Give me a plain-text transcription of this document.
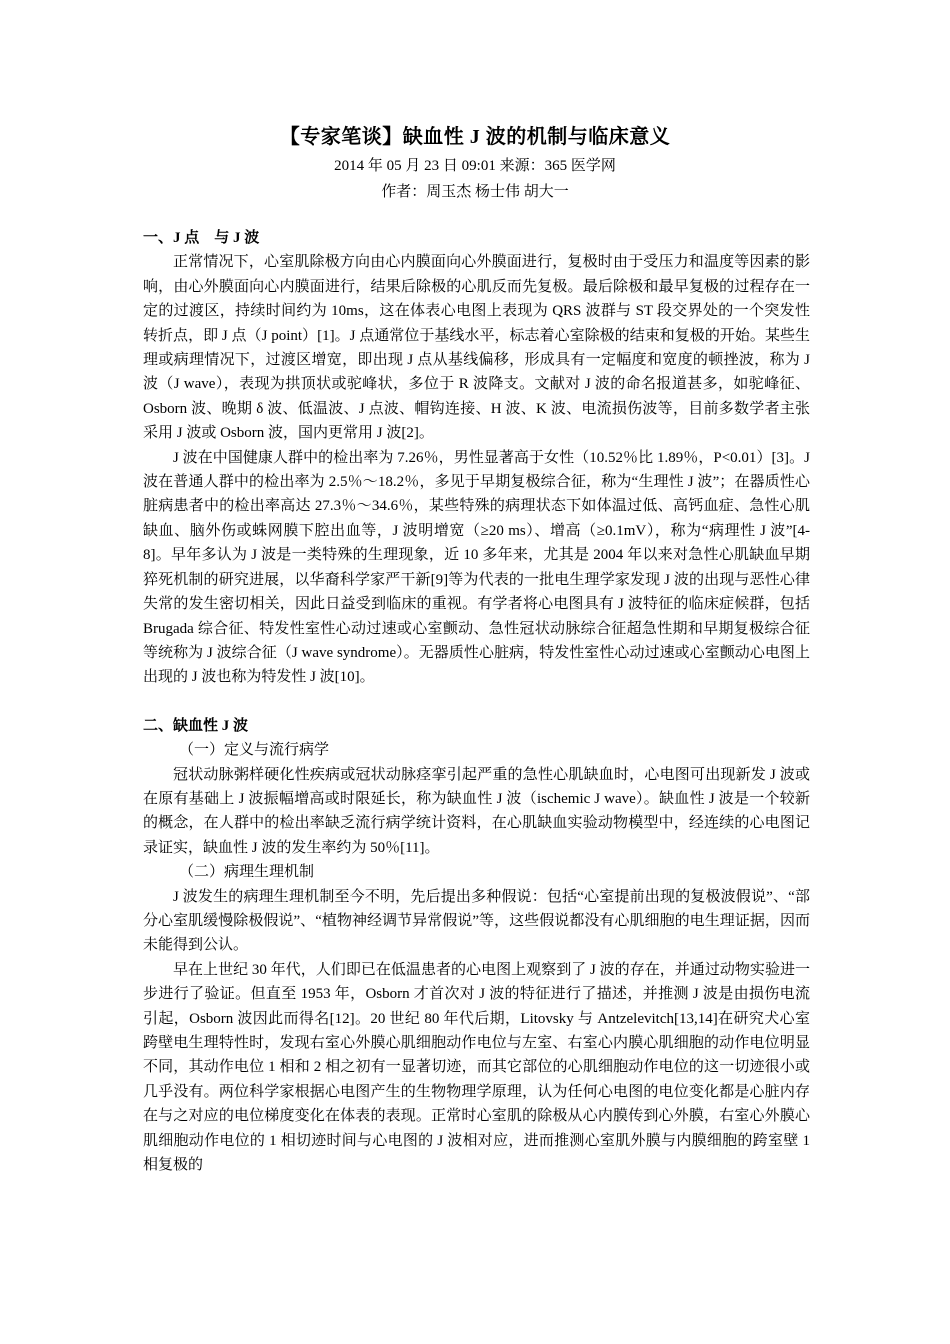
【专家笔谈】缺血性 J 波的机制与临床意义
2014 年 05 月 23 日 09:01 来源：365 医学网
作者：周玉杰 杨士伟 胡大一
一、J 点　与 J 波

正常情况下，心室肌除极方向由心内膜面向心外膜面进行，复极时由于受压力和温度等因素的影响，由心外膜面向心内膜面进行，结果后除极的心肌反而先复极。最后除极和最早复极的过程存在一定的过渡区，持续时间约为 10ms，这在体表心电图上表现为 QRS 波群与 ST 段交界处的一个突发性转折点，即 J 点（J point）[1]。J 点通常位于基线水平，标志着心室除极的结束和复极的开始。某些生理或病理情况下，过渡区增宽，即出现 J 点从基线偏移，形成具有一定幅度和宽度的顿挫波，称为 J 波（J wave），表现为拱顶状或驼峰状，多位于 R 波降支。文献对 J 波的命名报道甚多，如驼峰征、Osborn 波、晚期 δ 波、低温波、J 点波、帽钩连接、H 波、K 波、电流损伤波等，目前多数学者主张采用 J 波或 Osborn 波，国内更常用 J 波[2]。

J 波在中国健康人群中的检出率为 7.26％，男性显著高于女性（10.52％比 1.89％，P<0.01）[3]。J 波在普通人群中的检出率为 2.5％～18.2％，多见于早期复极综合征，称为“生理性 J 波”；在器质性心脏病患者中的检出率高达 27.3％～34.6％，某些特殊的病理状态下如体温过低、高钙血症、急性心肌缺血、脑外伤或蛛网膜下腔出血等，J 波明增宽（≥20 ms）、增高（≥0.1mV），称为“病理性 J 波”[4-8]。早年多认为 J 波是一类特殊的生理现象，近 10 多年来，尤其是 2004 年以来对急性心肌缺血早期猝死机制的研究进展，以华裔科学家严干新[9]等为代表的一批电生理学家发现 J 波的出现与恶性心律失常的发生密切相关，因此日益受到临床的重视。有学者将心电图具有 J 波特征的临床症候群，包括 Brugada 综合征、特发性室性心动过速或心室颤动、急性冠状动脉综合征超急性期和早期复极综合征等统称为 J 波综合征（J wave syndrome）。无器质性心脏病，特发性室性心动过速或心室颤动心电图上出现的 J 波也称为特发性 J 波[10]。

二、缺血性 J 波
（一）定义与流行病学

冠状动脉粥样硬化性疾病或冠状动脉痉挛引起严重的急性心肌缺血时，心电图可出现新发 J 波或在原有基础上 J 波振幅增高或时限延长，称为缺血性 J 波（ischemic J wave）。缺血性 J 波是一个较新的概念，在人群中的检出率缺乏流行病学统计资料，在心肌缺血实验动物模型中，经连续的心电图记录证实，缺血性 J 波的发生率约为 50％[11]。

（二）病理生理机制

J 波发生的病理生理机制至今不明，先后提出多种假说：包括“心室提前出现的复极波假说”、“部分心室肌缓慢除极假说”、“植物神经调节异常假说”等，这些假说都没有心肌细胞的电生理证据，因而未能得到公认。

早在上世纪 30 年代，人们即已在低温患者的心电图上观察到了 J 波的存在，并通过动物实验进一步进行了验证。但直至 1953 年，Osborn 才首次对 J 波的特征进行了描述，并推测 J 波是由损伤电流引起，Osborn 波因此而得名[12]。20 世纪 80 年代后期，Litovsky 与 Antzelevitch[13,14]在研究犬心室跨壁电生理特性时，发现右室心外膜心肌细胞动作电位与左室、右室心内膜心肌细胞的动作电位明显不同，其动作电位 1 相和 2 相之初有一显著切迹，而其它部位的心肌细胞动作电位的这一切迹很小或几乎没有。两位科学家根据心电图产生的生物物理学原理，认为任何心电图的电位变化都是心脏内存在与之对应的电位梯度变化在体表的表现。正常时心室肌的除极从心内膜传到心外膜，右室心外膜心肌细胞动作电位的 1 相切迹时间与心电图的 J 波相对应，进而推测心室肌外膜与内膜细胞的跨室壁 1 相复极的
